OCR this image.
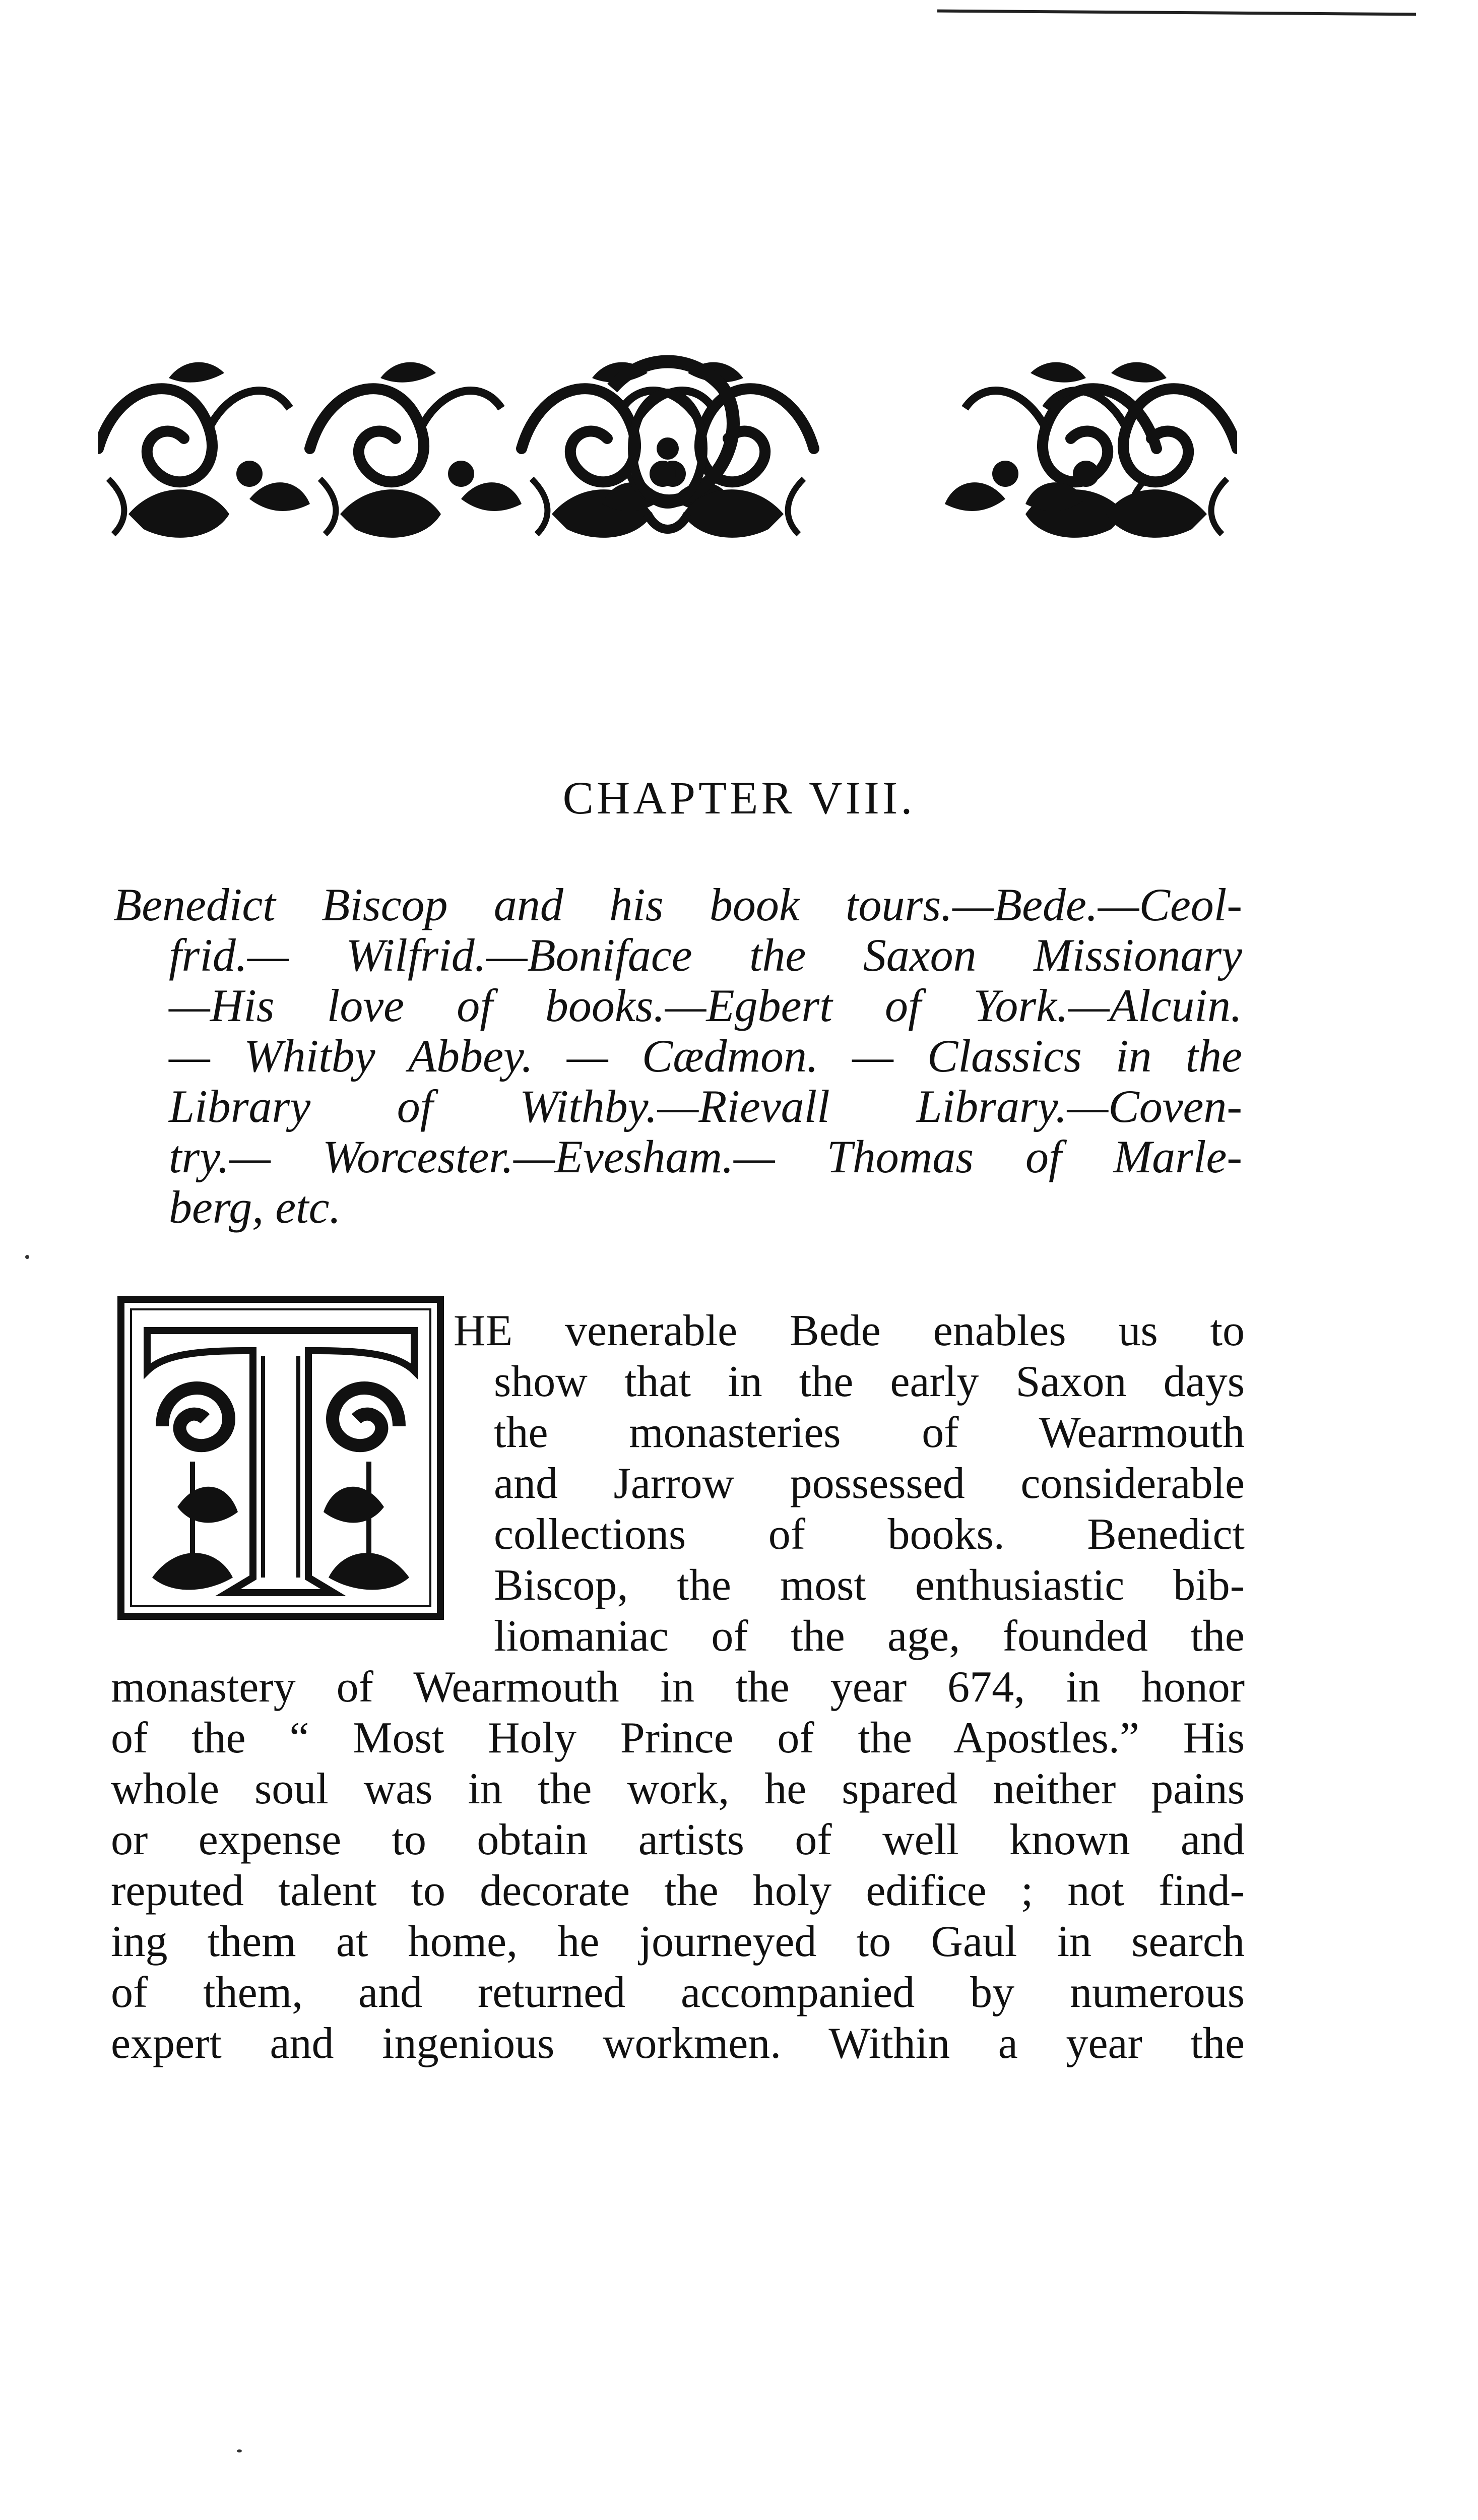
CHAPTER VIII.
Benedict Biscop and his book tours.—Bede.—Ceol-
frid.— Wilfrid.—Boniface the Saxon Missionary
—His love of books.—Egbert of York.—Alcuin.
— Whitby Abbey. — Cædmon. — Classics in the
Library of Withby.—Rievall Library.—Coven-
try.— Worcester.—Evesham.— Thomas of Marle-
berg, etc.
HE venerable Bede enables us to
show that in the early Saxon days
the monasteries of Wearmouth
and Jarrow possessed considerable
collections of books. Benedict
Biscop, the most enthusiastic bib-
liomaniac of the age, founded the
monastery of Wearmouth in the year 674, in honor
of the “ Most Holy Prince of the Apostles.” His
whole soul was in the work, he spared neither pains
or expense to obtain artists of well known and
reputed talent to decorate the holy edifice ; not find-
ing them at home, he journeyed to Gaul in search
of them, and returned accompanied by numerous
expert and ingenious workmen. Within a year the
